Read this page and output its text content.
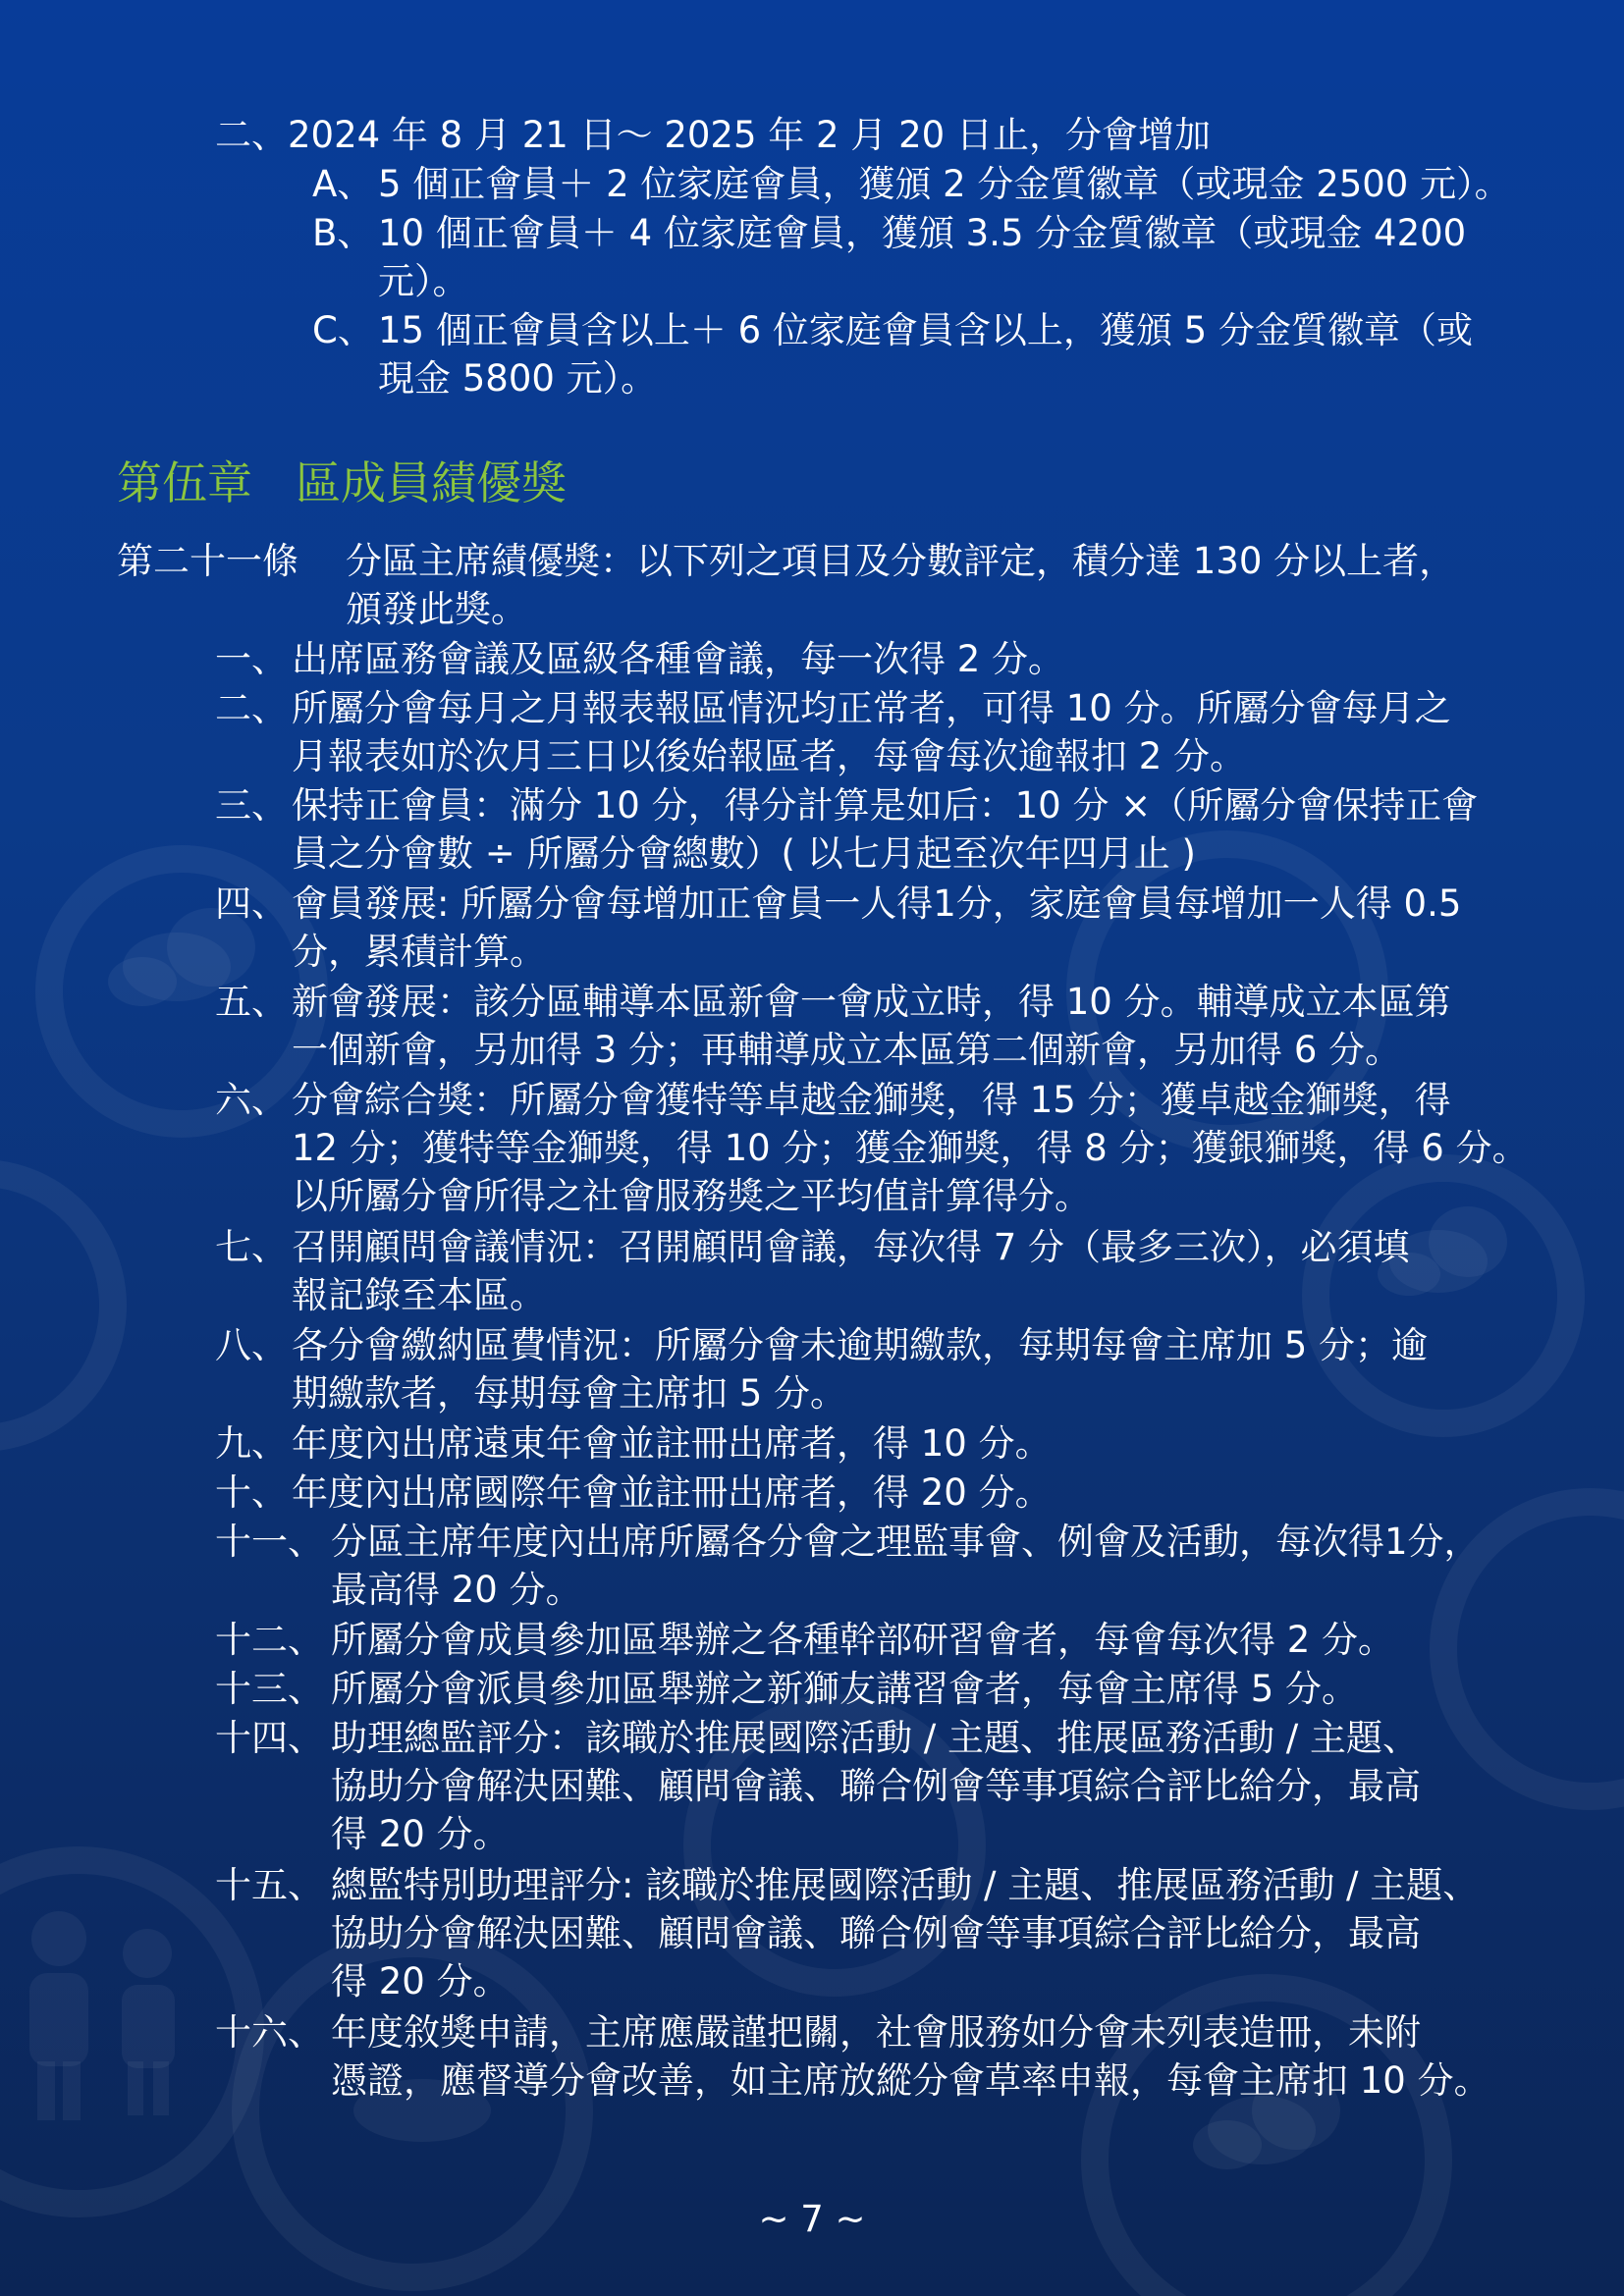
二、2024 年 8 月 21 日～ 2025 年 2 月 20 日止，分會增加
A、 5 個正會員＋ 2 位家庭會員，獲頒 2 分金質徽章（或現金 2500 元）。
B、 10 個正會員＋ 4 位家庭會員，獲頒 3.5 分金質徽章（或現金 4200
元）。
C、 15 個正會員含以上＋ 6 位家庭會員含以上，獲頒 5 分金質徽章（或
現金 5800 元）。
第伍章 區成員績優獎
第二十一條 分區主席績優獎：以下列之項目及分數評定，積分達 130 分以上者，
頒發此獎。
一、 出席區務會議及區級各種會議，每一次得 2 分。
二、 所屬分會每月之月報表報區情況均正常者，可得 10 分。所屬分會每月之
月報表如於次月三日以後始報區者，每會每次逾報扣 2 分。
三、 保持正會員：滿分 10 分，得分計算是如后：10 分 ×（所屬分會保持正會
員之分會數 ÷ 所屬分會總數）( 以七月起至次年四月止 )
四、 會員發展: 所屬分會每增加正會員一人得1分，家庭會員每增加一人得 0.5
分，累積計算。
五、 新會發展：該分區輔導本區新會一會成立時，得 10 分。輔導成立本區第
一個新會，另加得 3 分；再輔導成立本區第二個新會，另加得 6 分。
六、 分會綜合獎：所屬分會獲特等卓越金獅獎，得 15 分；獲卓越金獅獎，得
12 分；獲特等金獅獎，得 10 分；獲金獅獎，得 8 分；獲銀獅獎，得 6 分。
以所屬分會所得之社會服務獎之平均值計算得分。
七、 召開顧問會議情況：召開顧問會議，每次得 7 分（最多三次），必須填
報記錄至本區。
八、 各分會繳納區費情況：所屬分會未逾期繳款，每期每會主席加 5 分；逾
期繳款者，每期每會主席扣 5 分。
九、 年度內出席遠東年會並註冊出席者，得 10 分。
十、 年度內出席國際年會並註冊出席者，得 20 分。
十一、 分區主席年度內出席所屬各分會之理監事會、例會及活動，每次得1分，
最高得 20 分。
十二、 所屬分會成員參加區舉辦之各種幹部研習會者，每會每次得 2 分。
十三、 所屬分會派員參加區舉辦之新獅友講習會者，每會主席得 5 分。
十四、 助理總監評分：該職於推展國際活動 / 主題、推展區務活動 / 主題、
協助分會解決困難、顧問會議、聯合例會等事項綜合評比給分，最高
得 20 分。
十五、 總監特別助理評分: 該職於推展國際活動 / 主題、推展區務活動 / 主題、
協助分會解決困難、顧問會議、聯合例會等事項綜合評比給分，最高
得 20 分。
十六、 年度敘獎申請，主席應嚴謹把關，社會服務如分會未列表造冊，未附
憑證，應督導分會改善，如主席放縱分會草率申報，每會主席扣 10 分。
~ 7 ~
